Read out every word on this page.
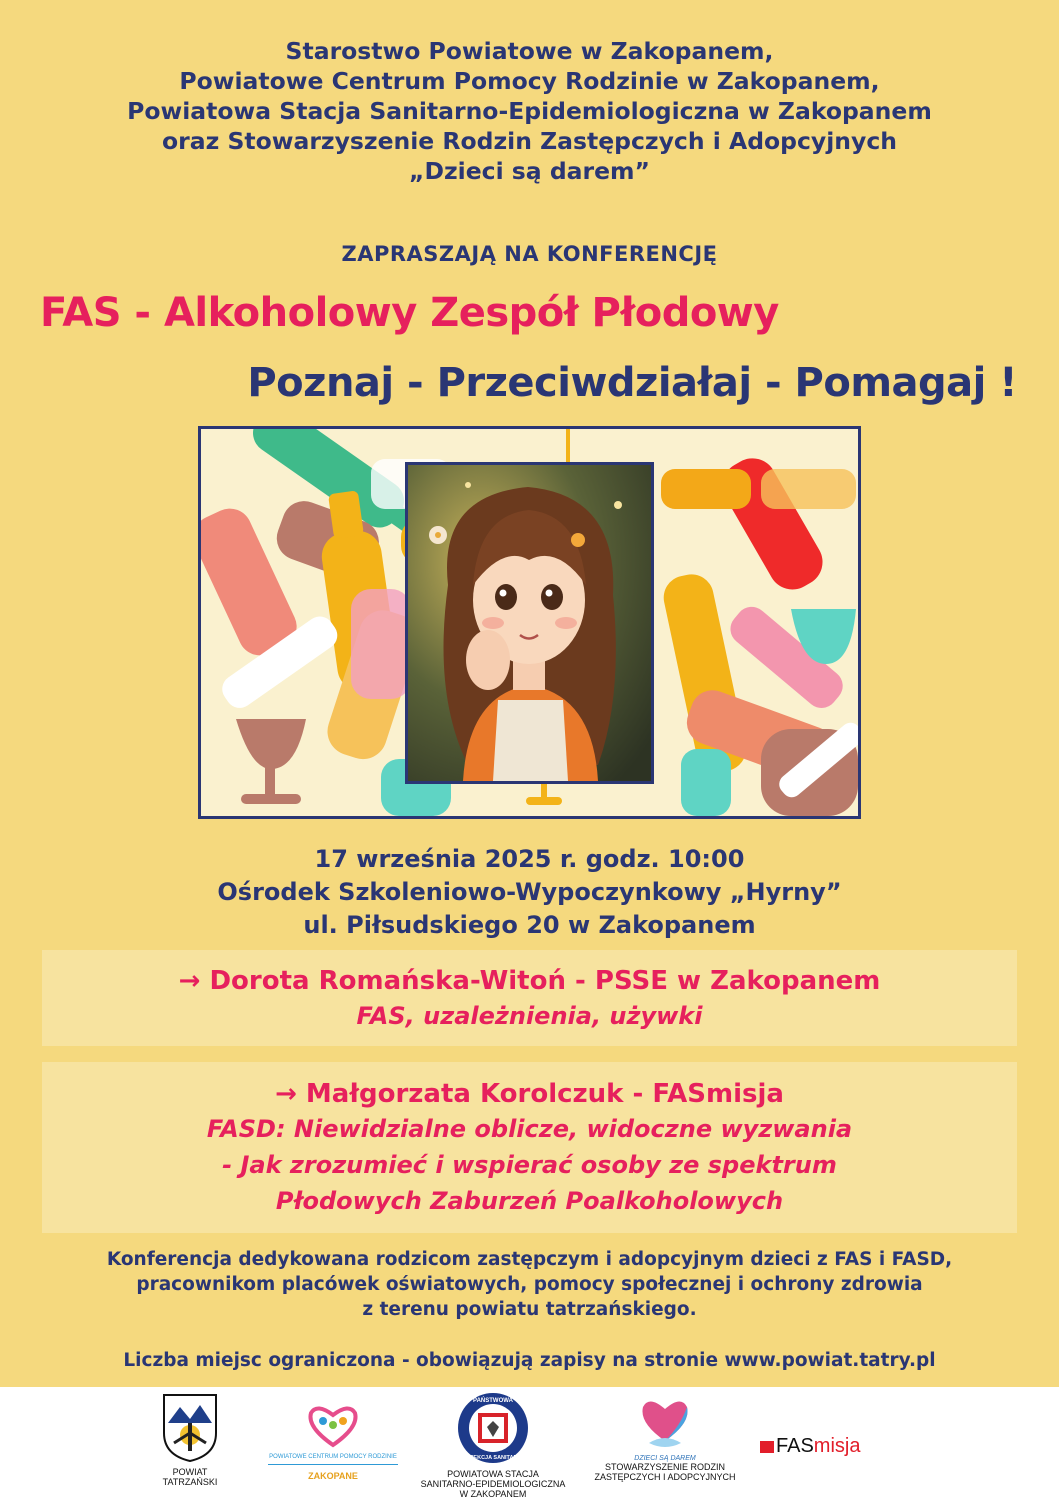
Starostwo Powiatowe w Zakopanem,
Powiatowe Centrum Pomocy Rodzinie w Zakopanem,
Powiatowa Stacja Sanitarno-Epidemiologiczna w Zakopanem
oraz Stowarzyszenie Rodzin Zastępczych i Adopcyjnych
„Dzieci są darem”
ZAPRASZAJĄ NA KONFERENCJĘ
FAS - Alkoholowy Zespół Płodowy
Poznaj - Przeciwdziałaj - Pomagaj !
17 września 2025 r. godz. 10:00
Ośrodek Szkoleniowo-Wypoczynkowy „Hyrny”
ul. Piłsudskiego 20 w Zakopanem
→ Dorota Romańska-Witoń - PSSE w Zakopanem
FAS, uzależnienia, używki
→ Małgorzata Korolczuk - FASmisja
FASD: Niewidzialne oblicze, widoczne wyzwania
- Jak zrozumieć i wspierać osoby ze spektrum
Płodowych Zaburzeń Poalkoholowych
Konferencja dedykowana rodzicom zastępczym i adopcyjnym dzieci z FAS i FASD,
pracownikom placówek oświatowych, pomocy społecznej i ochrony zdrowia
z terenu powiatu tatrzańskiego.
Liczba miejsc ograniczona - obowiązują zapisy na stronie www.powiat.tatry.pl
POWIAT
TATRZAŃSKI
POWIATOWE CENTRUM POMOCY RODZINIE
ZAKOPANE
PAŃSTWOWA
INSPEKCJA SANITARNA
POWIATOWA STACJA
SANITARNO-EPIDEMIOLOGICZNA
W ZAKOPANEM
DZIECI SĄ DAREM
STOWARZYSZENIE RODZIN
ZASTĘPCZYCH I ADOPCYJNYCH
FASmisja
